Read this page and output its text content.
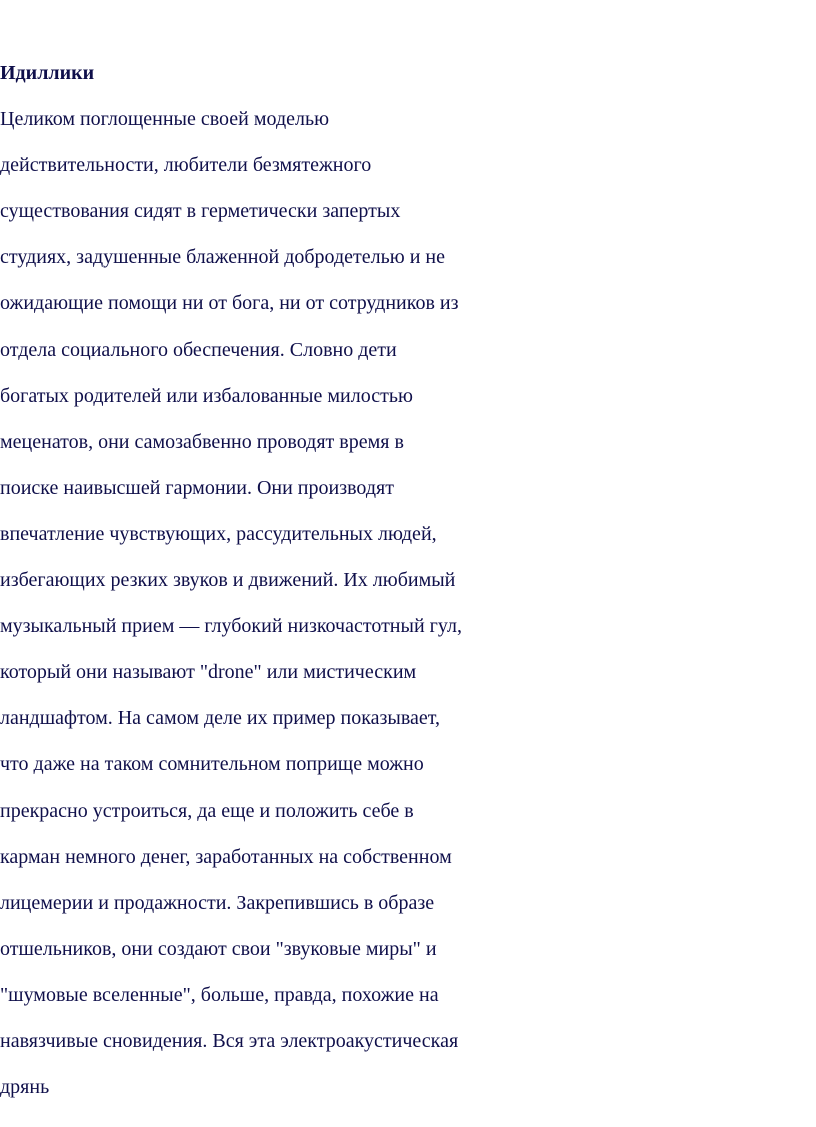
Идиллики
Целиком поглощенные своей моделью
действительности, любители безмятежного
существования сидят в герметически запертых
студиях, задушенные блаженной добродетелью и не
ожидающие помощи ни от бога, ни от сотрудников из
отдела социального обеспечения. Словно дети
богатых родителей или избалованные милостью
меценатов, они самозабвенно проводят время в
поиске наивысшей гармонии. Они производят
впечатление чувствующих, рассудительных людей,
избегающих резких звуков и движений. Их любимый
музыкальный прием — глубокий низкочастотный гул,
который они называют "drone" или мистическим
ландшафтом. На самом деле их пример показывает,
что даже на таком сомнительном поприще можно
прекрасно устроиться, да еще и положить себе в
карман немного денег, заработанных на собственном
лицемерии и продажности. Закрепившись в образе
отшельников, они создают свои "звуковые миры" и
"шумовые вселенные", больше, правда, похожие на
навязчивые сновидения. Вся эта электроакустическая
дрянь
